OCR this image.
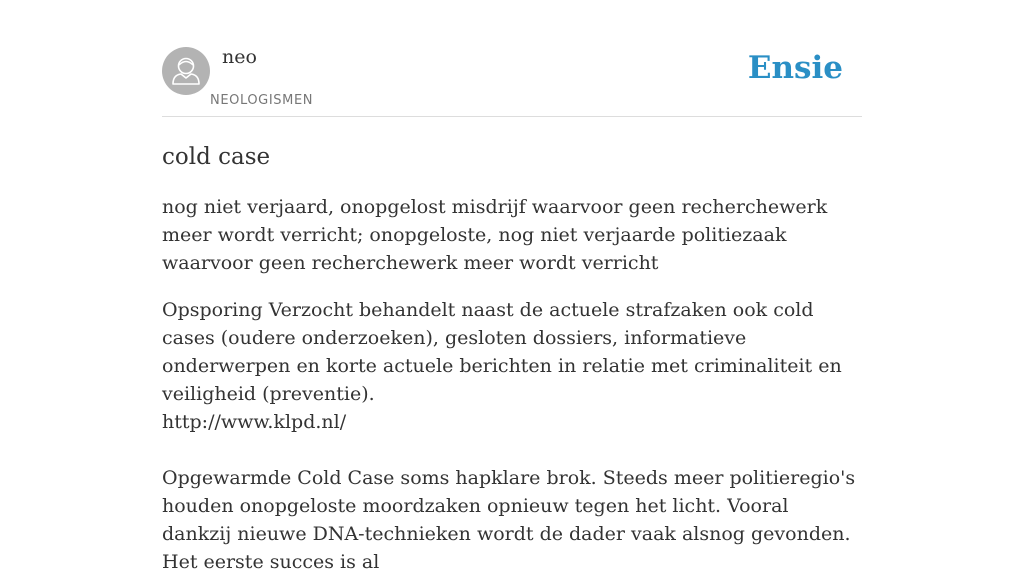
neo
NEOLOGISMEN
Ensie
cold case

nog niet verjaard, onopgelost misdrijf waarvoor geen recherchewerk meer wordt verricht; onopgeloste, nog niet verjaarde politiezaak waarvoor geen recherchewerk meer wordt verricht

Opsporing Verzocht behandelt naast de actuele strafzaken ook cold cases (oudere onderzoeken), gesloten dossiers, informatieve onderwerpen en korte actuele berichten in relatie met criminaliteit en veiligheid (preventie).
http://www.klpd.nl/

Opgewarmde Cold Case soms hapklare brok. Steeds meer politieregio's houden onopgeloste moordzaken opnieuw tegen het licht. Vooral dankzij nieuwe DNA-technieken wordt de dader vaak alsnog gevonden. Het eerste succes is al
